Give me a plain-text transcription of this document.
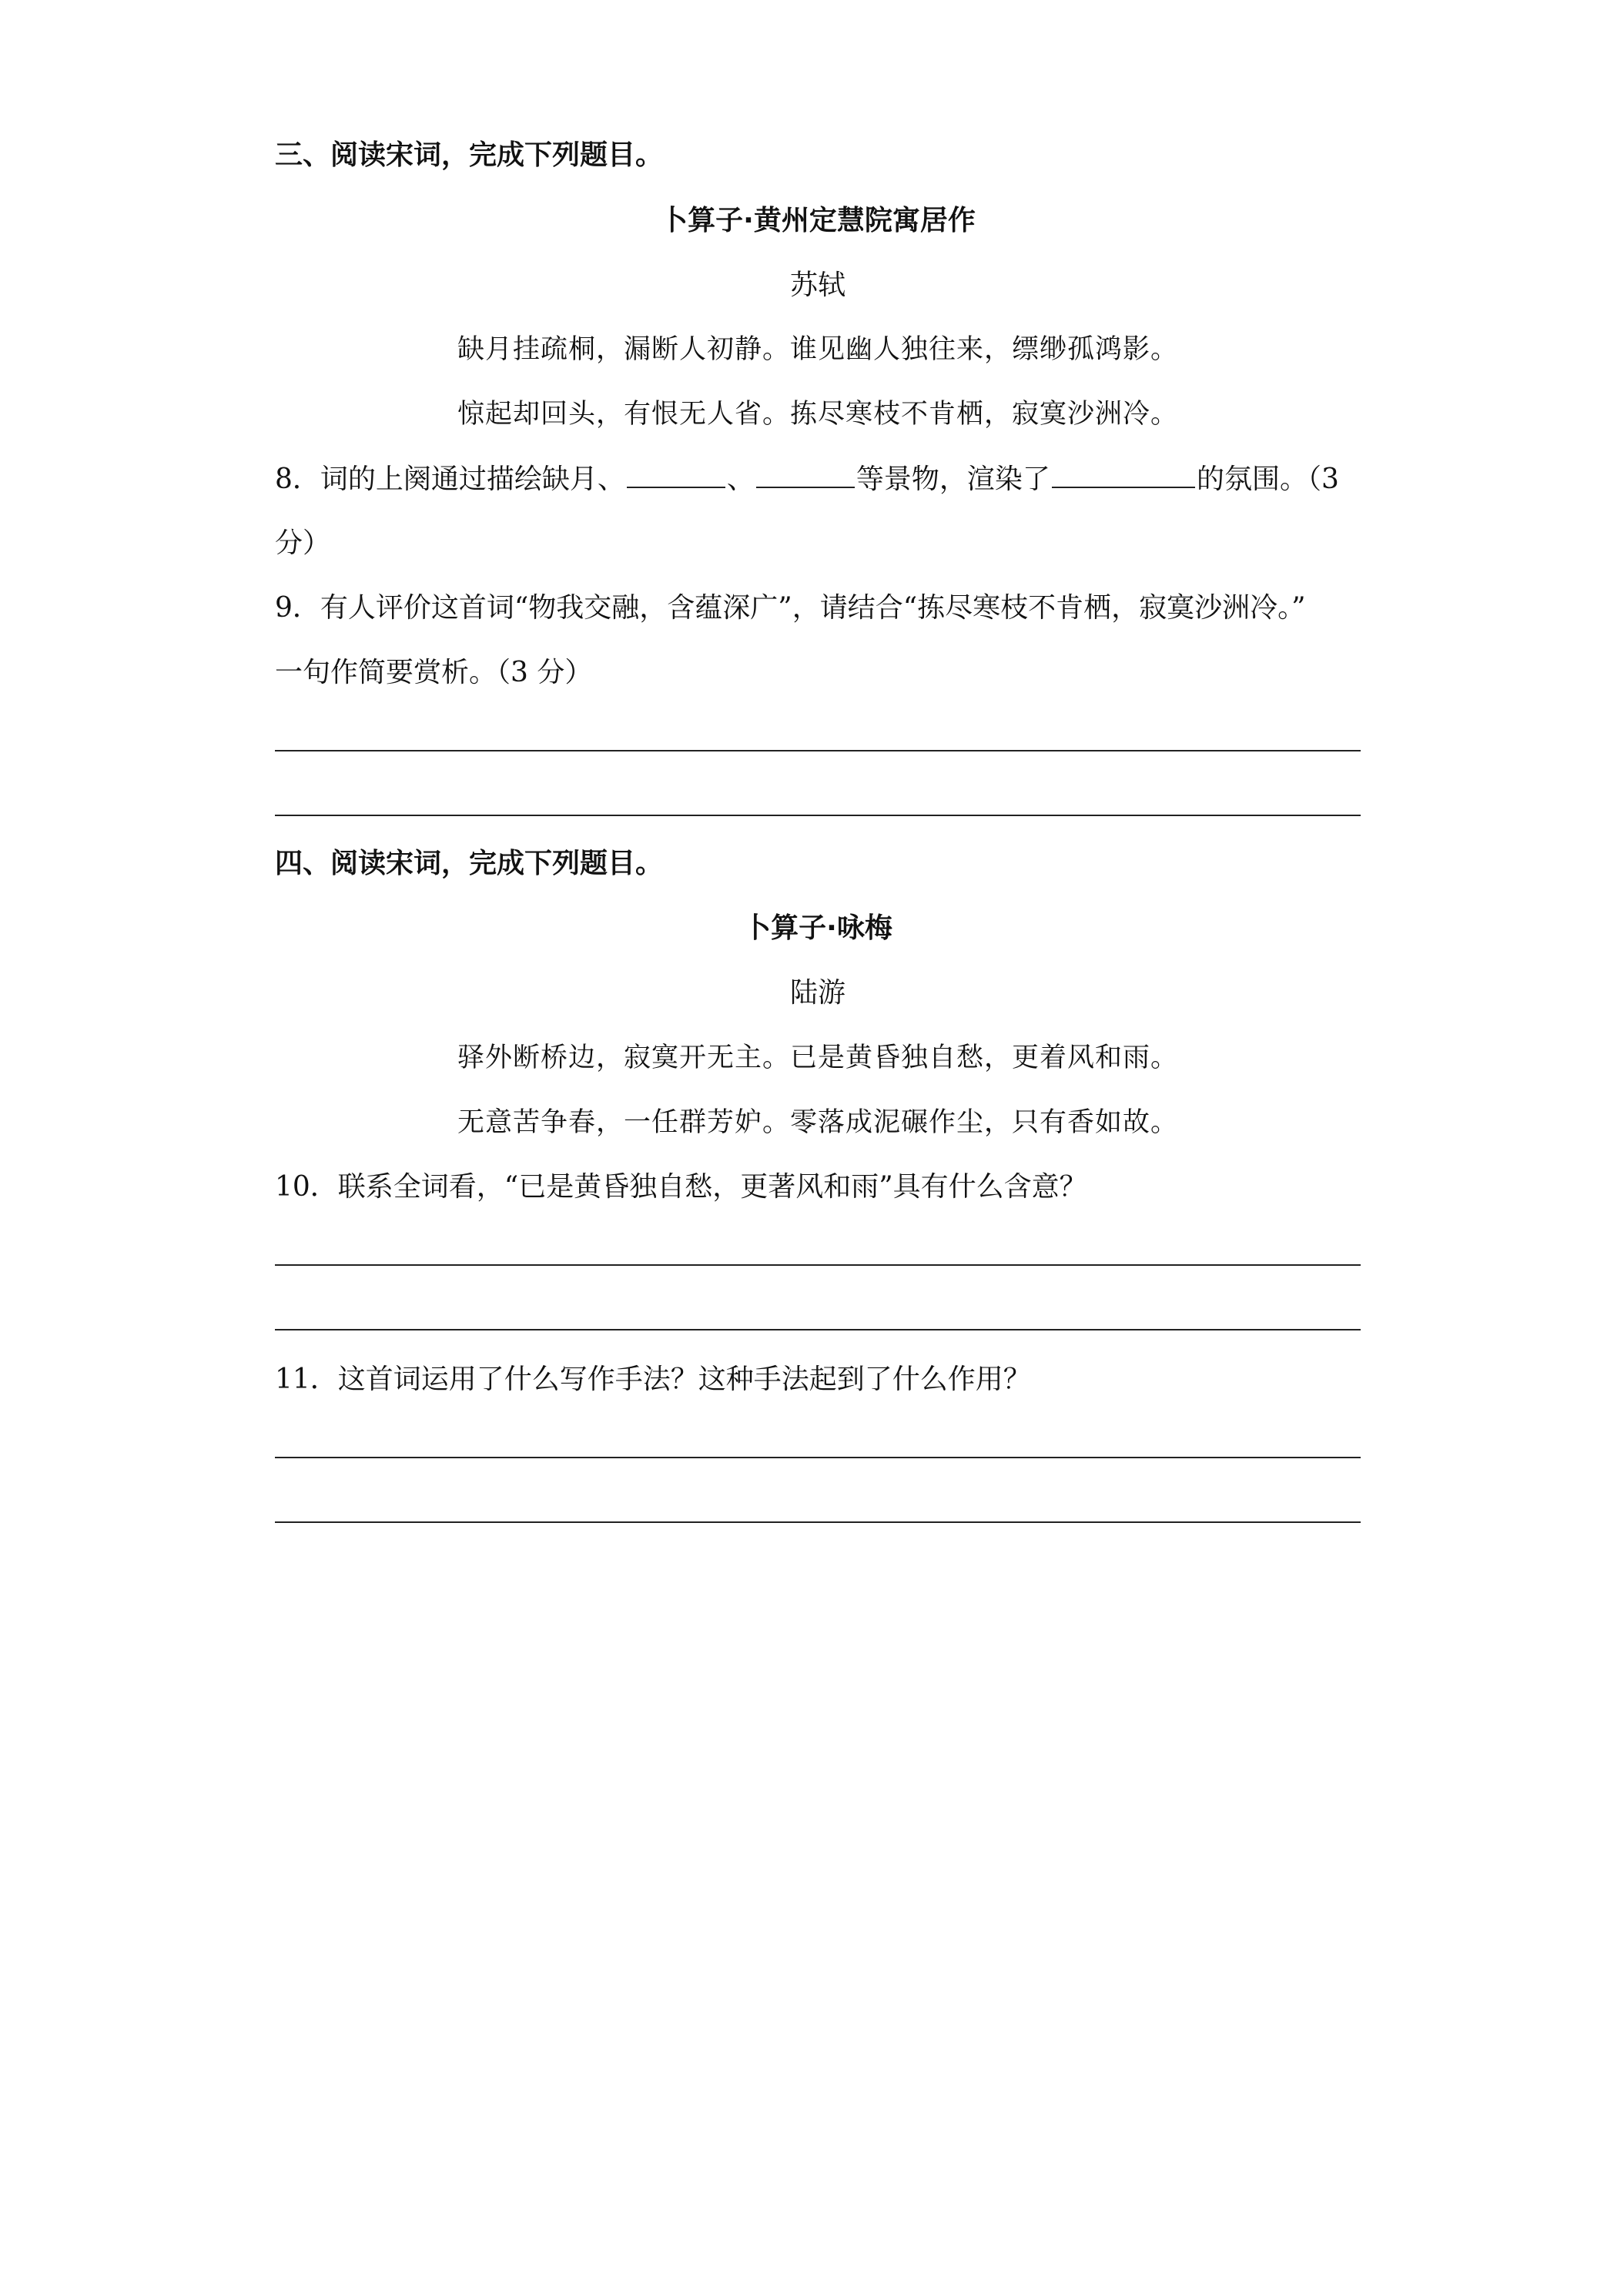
三、阅读宋词，完成下列题目。
卜算子·黄州定慧院寓居作
苏轼
缺月挂疏桐，漏断人初静。谁见幽人独往来，缥缈孤鸿影。
惊起却回头，有恨无人省。拣尽寒枝不肯栖，寂寞沙洲冷。
8．词的上阕通过描绘缺月、	、	等景物，渲染了	的氛围。（3
分）
9．有人评价这首词“物我交融，含蕴深广”，请结合“拣尽寒枝不肯栖，寂寞沙洲冷。”
一句作简要赏析。（3 分）
四、阅读宋词，完成下列题目。
卜算子·咏梅
陆游
驿外断桥边，寂寞开无主。已是黄昏独自愁，更着风和雨。
无意苦争春，一任群芳妒。零落成泥碾作尘，只有香如故。
10．联系全词看，“已是黄昏独自愁，更著风和雨”具有什么含意？
11．这首词运用了什么写作手法？这种手法起到了什么作用？
